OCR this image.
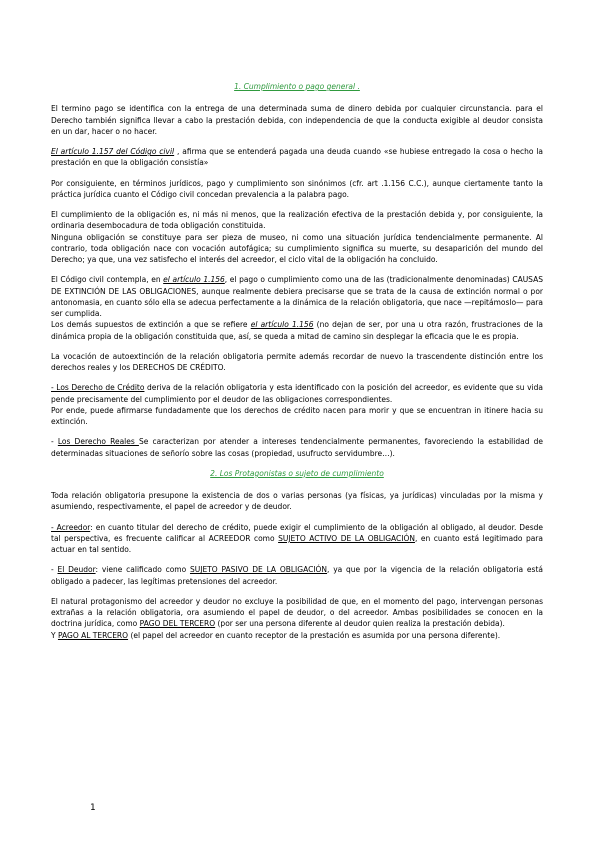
1. Cumplimiento o pago general .

El termino pago se identifica con la entrega de una determinada suma de dinero debida por cualquier circunstancia. para el Derecho también significa llevar a cabo la prestación debida, con independencia de que la conducta exigible al deudor consista en un dar, hacer o no hacer.

El artículo 1.157 del Código civil , afirma que se entenderá pagada una deuda cuando «se hubiese entregado la cosa o hecho la prestación en que la obligación consistía»

Por consiguiente, en términos jurídicos, pago y cumplimiento son sinónimos (cfr. art .1.156 C.C.), aunque ciertamente tanto la práctica jurídica cuanto el Código civil concedan prevalencia a la palabra pago.

El cumplimiento de la obligación es, ni más ni menos, que la realización efectiva de la prestación debida y, por consiguiente, la ordinaria desembocadura de toda obligación constituida.

Ninguna obligación se constituye para ser pieza de museo, ni como una situación jurídica tendencialmente permanente. Al contrario, toda obligación nace con vocación autofágica; su cumplimiento significa su muerte, su desaparición del mundo del Derecho; ya que, una vez satisfecho el interés del acreedor, el ciclo vital de la obligación ha concluido.

El Código civil contempla, en el artículo 1.156, el pago o cumplimiento como una de las (tradicionalmente denominadas) CAUSAS DE EXTINCIÓN DE LAS OBLIGACIONES, aunque realmente debiera precisarse que se trata de la causa de extinción normal o por antonomasia, en cuanto sólo ella se adecua perfectamente a la dinámica de la relación obligatoria, que nace —repitámoslo— para ser cumplida.

Los demás supuestos de extinción a que se refiere el artículo 1.156 (no dejan de ser, por una u otra razón, frustraciones de la dinámica propia de la obligación constituida que, así, se queda a mitad de camino sin desplegar la eficacia que le es propia.

La vocación de autoextinción de la relación obligatoria permite además recordar de nuevo la trascendente distinción entre los derechos reales y los DERECHOS DE CRÉDITO.

- Los Derecho de Crédito deriva de la relación obligatoria y esta identificado con la posición del acreedor, es evidente que su vida pende precisamente del cumplimiento por el deudor de las obligaciones correspondientes.

Por ende, puede afirmarse fundadamente que los derechos de crédito nacen para morir y que se encuentran in itinere hacia su extinción.

- Los Derecho Reales Se caracterizan por atender a intereses tendencialmente permanentes, favoreciendo la estabilidad de determinadas situaciones de señorío sobre las cosas (propiedad, usufructo servidumbre…).

2. Los Protagonistas o sujeto de cumplimiento

Toda relación obligatoria presupone la existencia de dos o varias personas (ya físicas, ya jurídicas) vinculadas por la misma y asumiendo, respectivamente, el papel de acreedor y de deudor.

- Acreedor: en cuanto titular del derecho de crédito, puede exigir el cumplimiento de la obligación al obligado, al deudor. Desde tal perspectiva, es frecuente calificar al ACREEDOR como SUJETO ACTIVO DE LA OBLIGACIÓN, en cuanto está legitimado para actuar en tal sentido.

- El Deudor: viene calificado como SUJETO PASIVO DE LA OBLIGACIÓN, ya que por la vigencia de la relación obligatoria está obligado a padecer, las legítimas pretensiones del acreedor.

El natural protagonismo del acreedor y deudor no excluye la posibilidad de que, en el momento del pago, intervengan personas extrañas a la relación obligatoria, ora asumiendo el papel de deudor, o del acreedor. Ambas posibilidades se conocen en la doctrina jurídica, como PAGO DEL TERCERO (por ser una persona diferente al deudor quien realiza la prestación debida).

Y PAGO AL TERCERO (el papel del acreedor en cuanto receptor de la prestación es asumida por una persona diferente).

1
